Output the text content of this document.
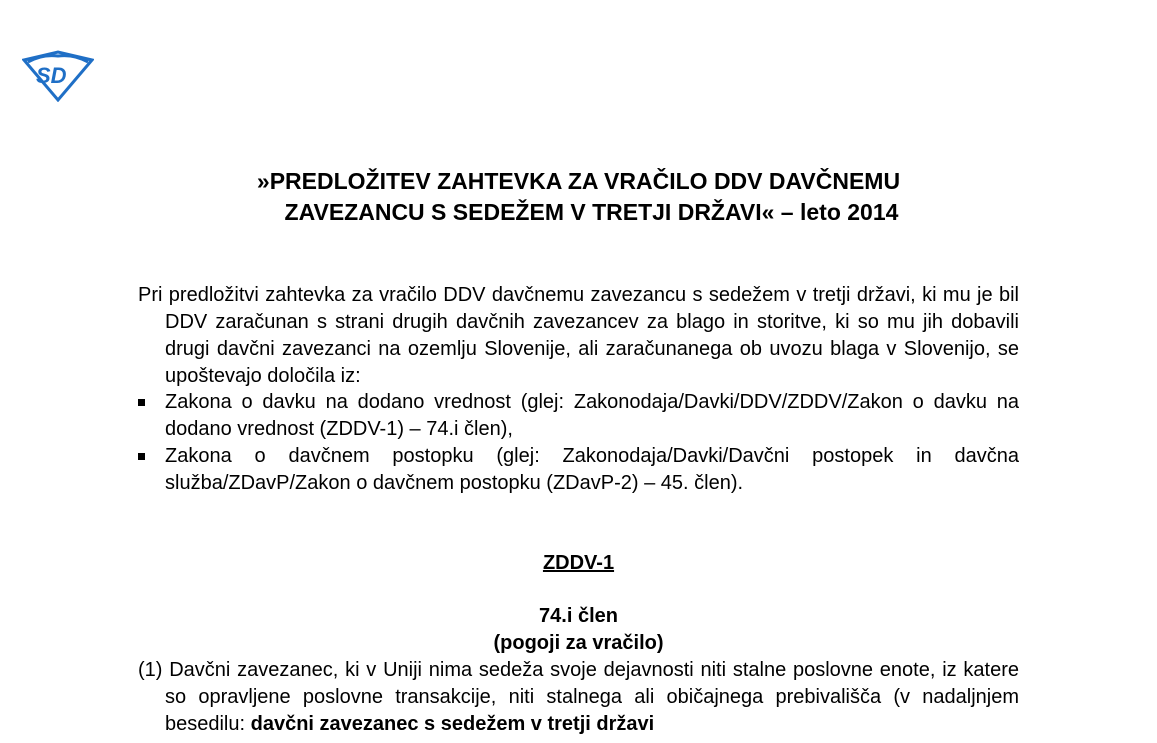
SD
»PREDLOŽITEV ZAHTEVKA ZA VRAČILO DDV DAVČNEMU
ZAVEZANCU S SEDEŽEM V TRETJI DRŽAVI« – leto 2014

Pri predložitvi zahtevka za vračilo DDV davčnemu zavezancu s sedežem v tretji državi, ki mu je bil DDV zaračunan s strani drugih davčnih zavezancev za blago in storitve, ki so mu jih dobavili drugi davčni zavezanci na ozemlju Slovenije, ali zaračunanega ob uvozu blaga v Slovenijo, se upoštevajo določila iz:

Zakona o davku na dodano vrednost (glej: Zakonodaja/Davki/DDV/ZDDV/Zakon o davku na dodano vrednost (ZDDV-1) – 74.i člen),
Zakona o davčnem postopku (glej: Zakonodaja/Davki/Davčni postopek in davčna služba/ZDavP/Zakon o davčnem postopku (ZDavP-2) – 45. člen).
ZDDV-1
74.i člen
(pogoji za vračilo)

(1) Davčni zavezanec, ki v Uniji nima sedeža svoje dejavnosti niti stalne poslovne enote, iz katere so opravljene poslovne transakcije, niti stalnega ali običajnega prebivališča (v nadaljnjem besedilu: davčni zavezanec s sedežem v tretji državi
